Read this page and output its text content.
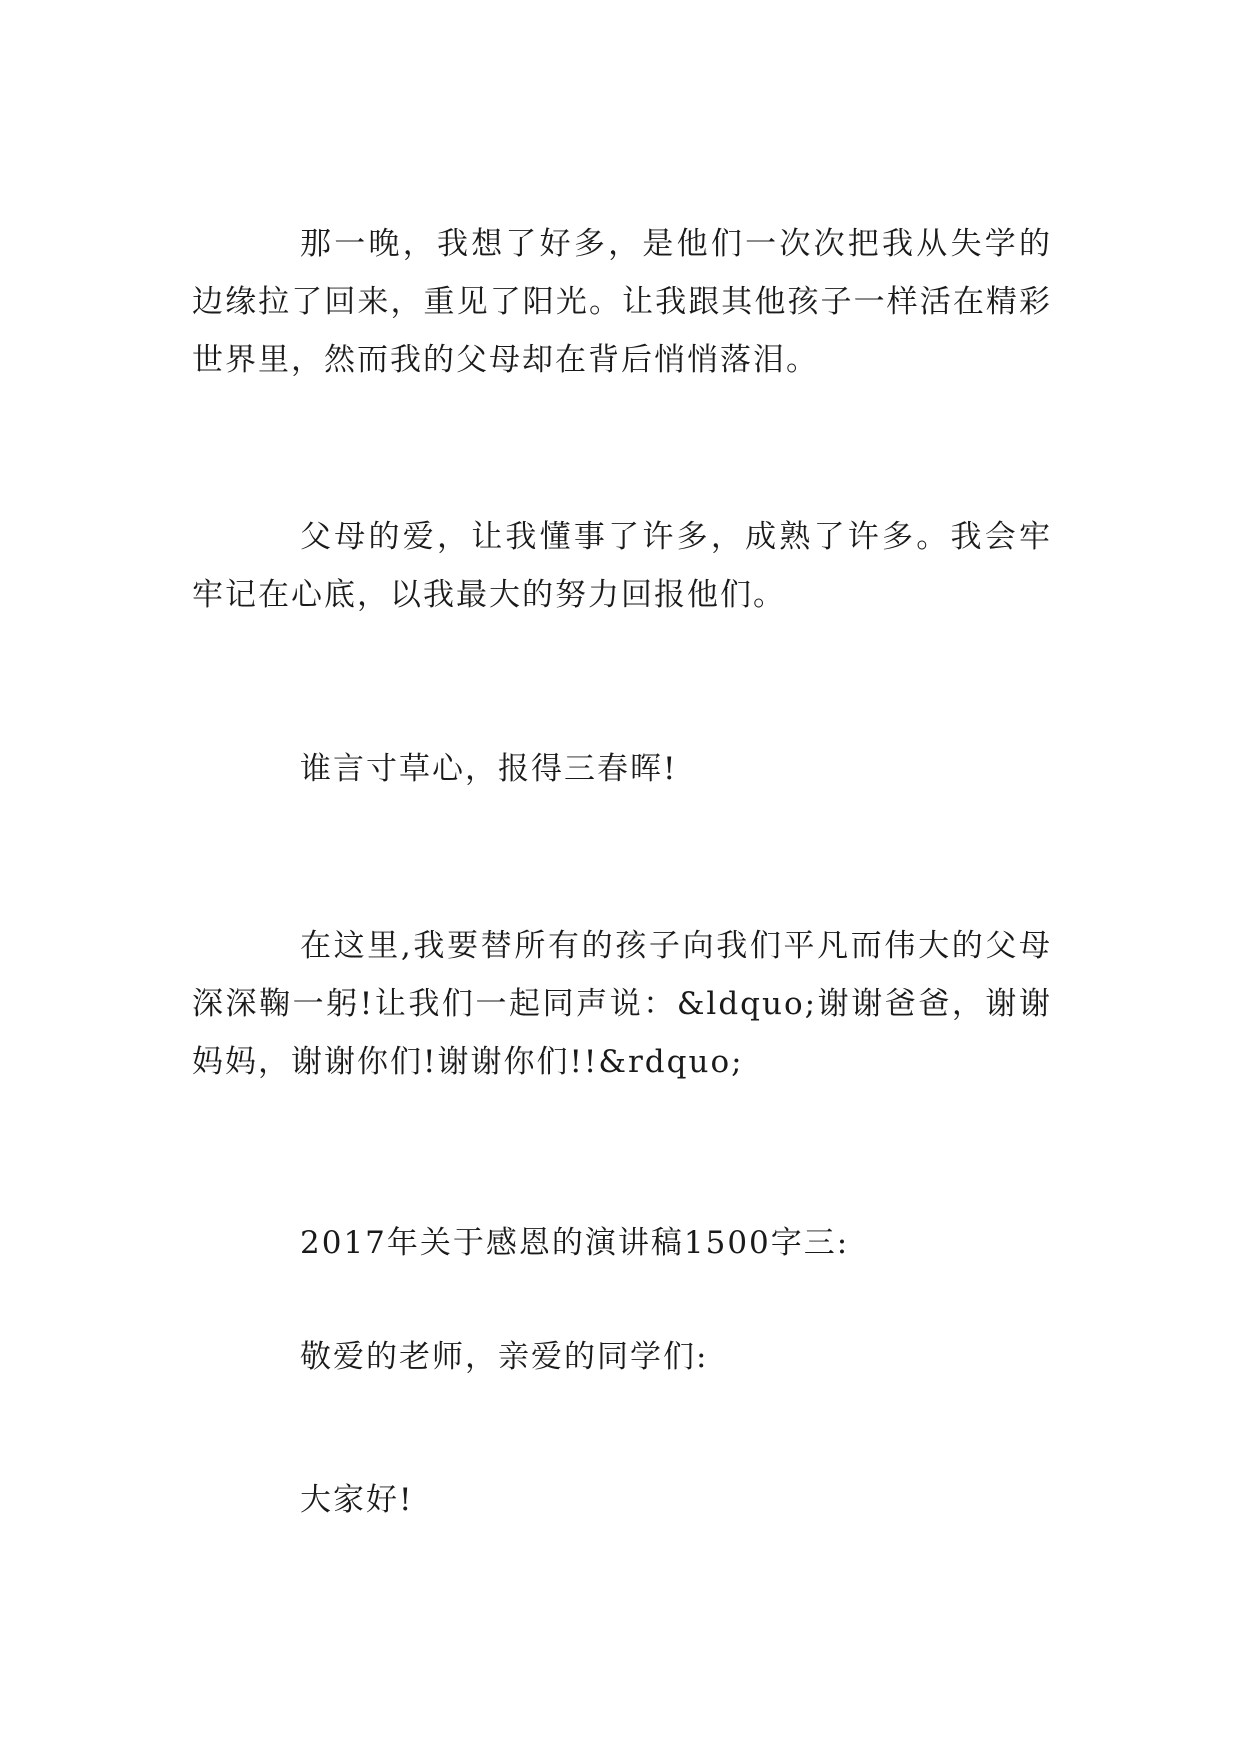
那一晚，我想了好多，是他们一次次把我从失学的边缘拉了回来，重见了阳光。让我跟其他孩子一样活在精彩世界里，然而我的父母却在背后悄悄落泪。

父母的爱，让我懂事了许多，成熟了许多。我会牢牢记在心底，以我最大的努力回报他们。

谁言寸草心，报得三春晖!

在这里,我要替所有的孩子向我们平凡而伟大的父母深深鞠一躬!让我们一起同声说：&ldquo;谢谢爸爸，谢谢妈妈，谢谢你们!谢谢你们!!&rdquo;

2017年关于感恩的演讲稿1500字三:

敬爱的老师，亲爱的同学们:

大家好!
